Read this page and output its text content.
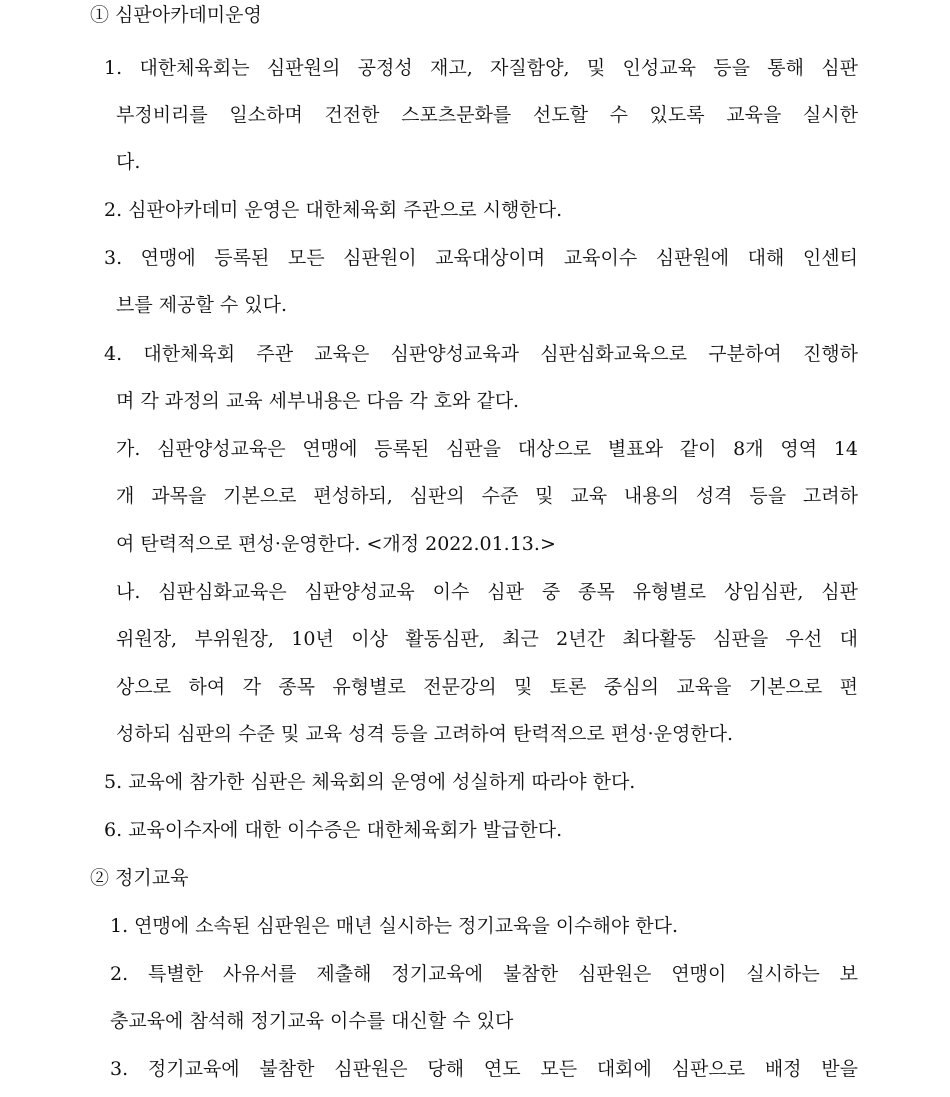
① 심판아카데미운영
1. 대한체육회는 심판원의 공정성 재고, 자질함양, 및 인성교육 등을 통해 심판
부정비리를 일소하며 건전한 스포츠문화를 선도할 수 있도록 교육을 실시한
다.
2. 심판아카데미 운영은 대한체육회 주관으로 시행한다.
3. 연맹에 등록된 모든 심판원이 교육대상이며 교육이수 심판원에 대해 인센티
브를 제공할 수 있다.
4. 대한체육회 주관 교육은 심판양성교육과 심판심화교육으로 구분하여 진행하
며 각 과정의 교육 세부내용은 다음 각 호와 같다.
가. 심판양성교육은 연맹에 등록된 심판을 대상으로 별표와 같이 8개 영역 14
개 과목을 기본으로 편성하되, 심판의 수준 및 교육 내용의 성격 등을 고려하
여 탄력적으로 편성·운영한다. <개정 2022.01.13.>
나. 심판심화교육은 심판양성교육 이수 심판 중 종목 유형별로 상임심판, 심판
위원장, 부위원장, 10년 이상 활동심판, 최근 2년간 최다활동 심판을 우선 대
상으로 하여 각 종목 유형별로 전문강의 및 토론 중심의 교육을 기본으로 편
성하되 심판의 수준 및 교육 성격 등을 고려하여 탄력적으로 편성·운영한다.
5. 교육에 참가한 심판은 체육회의 운영에 성실하게 따라야 한다.
6. 교육이수자에 대한 이수증은 대한체육회가 발급한다.
② 정기교육
1. 연맹에 소속된 심판원은 매년 실시하는 정기교육을 이수해야 한다.
2. 특별한 사유서를 제출해 정기교육에 불참한 심판원은 연맹이 실시하는 보
충교육에 참석해 정기교육 이수를 대신할 수 있다
3. 정기교육에 불참한 심판원은 당해 연도 모든 대회에 심판으로 배정 받을
